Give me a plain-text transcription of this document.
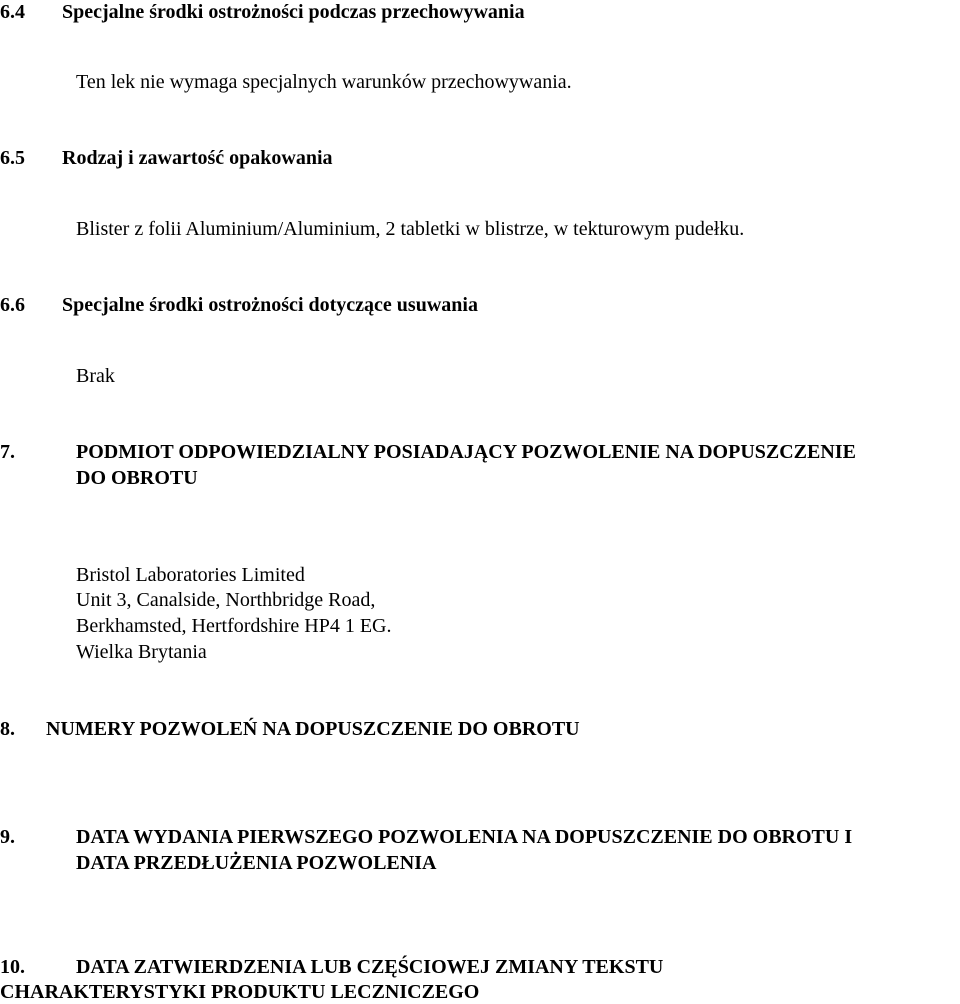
6.4 Specjalne środki ostrożności podczas przechowywania
Ten lek nie wymaga specjalnych warunków przechowywania.
6.5 Rodzaj i zawartość opakowania
Blister z folii Aluminium/Aluminium, 2 tabletki w blistrze, w tekturowym pudełku.
6.6 Specjalne środki ostrożności dotyczące usuwania
Brak
7.	PODMIOT ODPOWIEDZIALNY POSIADAJĄCY POZWOLENIE NA DOPUSZCZENIE
DO OBROTU
Bristol Laboratories Limited
Unit 3, Canalside, Northbridge Road,
Berkhamsted, Hertfordshire HP4 1 EG.
Wielka Brytania
8. NUMERY POZWOLEŃ NA DOPUSZCZENIE DO OBROTU
9.	DATA WYDANIA PIERWSZEGO POZWOLENIA NA DOPUSZCZENIE DO OBROTU I
DATA PRZEDŁUŻENIA POZWOLENIA
10.	DATA ZATWIERDZENIA LUB CZĘŚCIOWEJ ZMIANY TEKSTU
CHARAKTERYSTYKI PRODUKTU LECZNICZEGO
